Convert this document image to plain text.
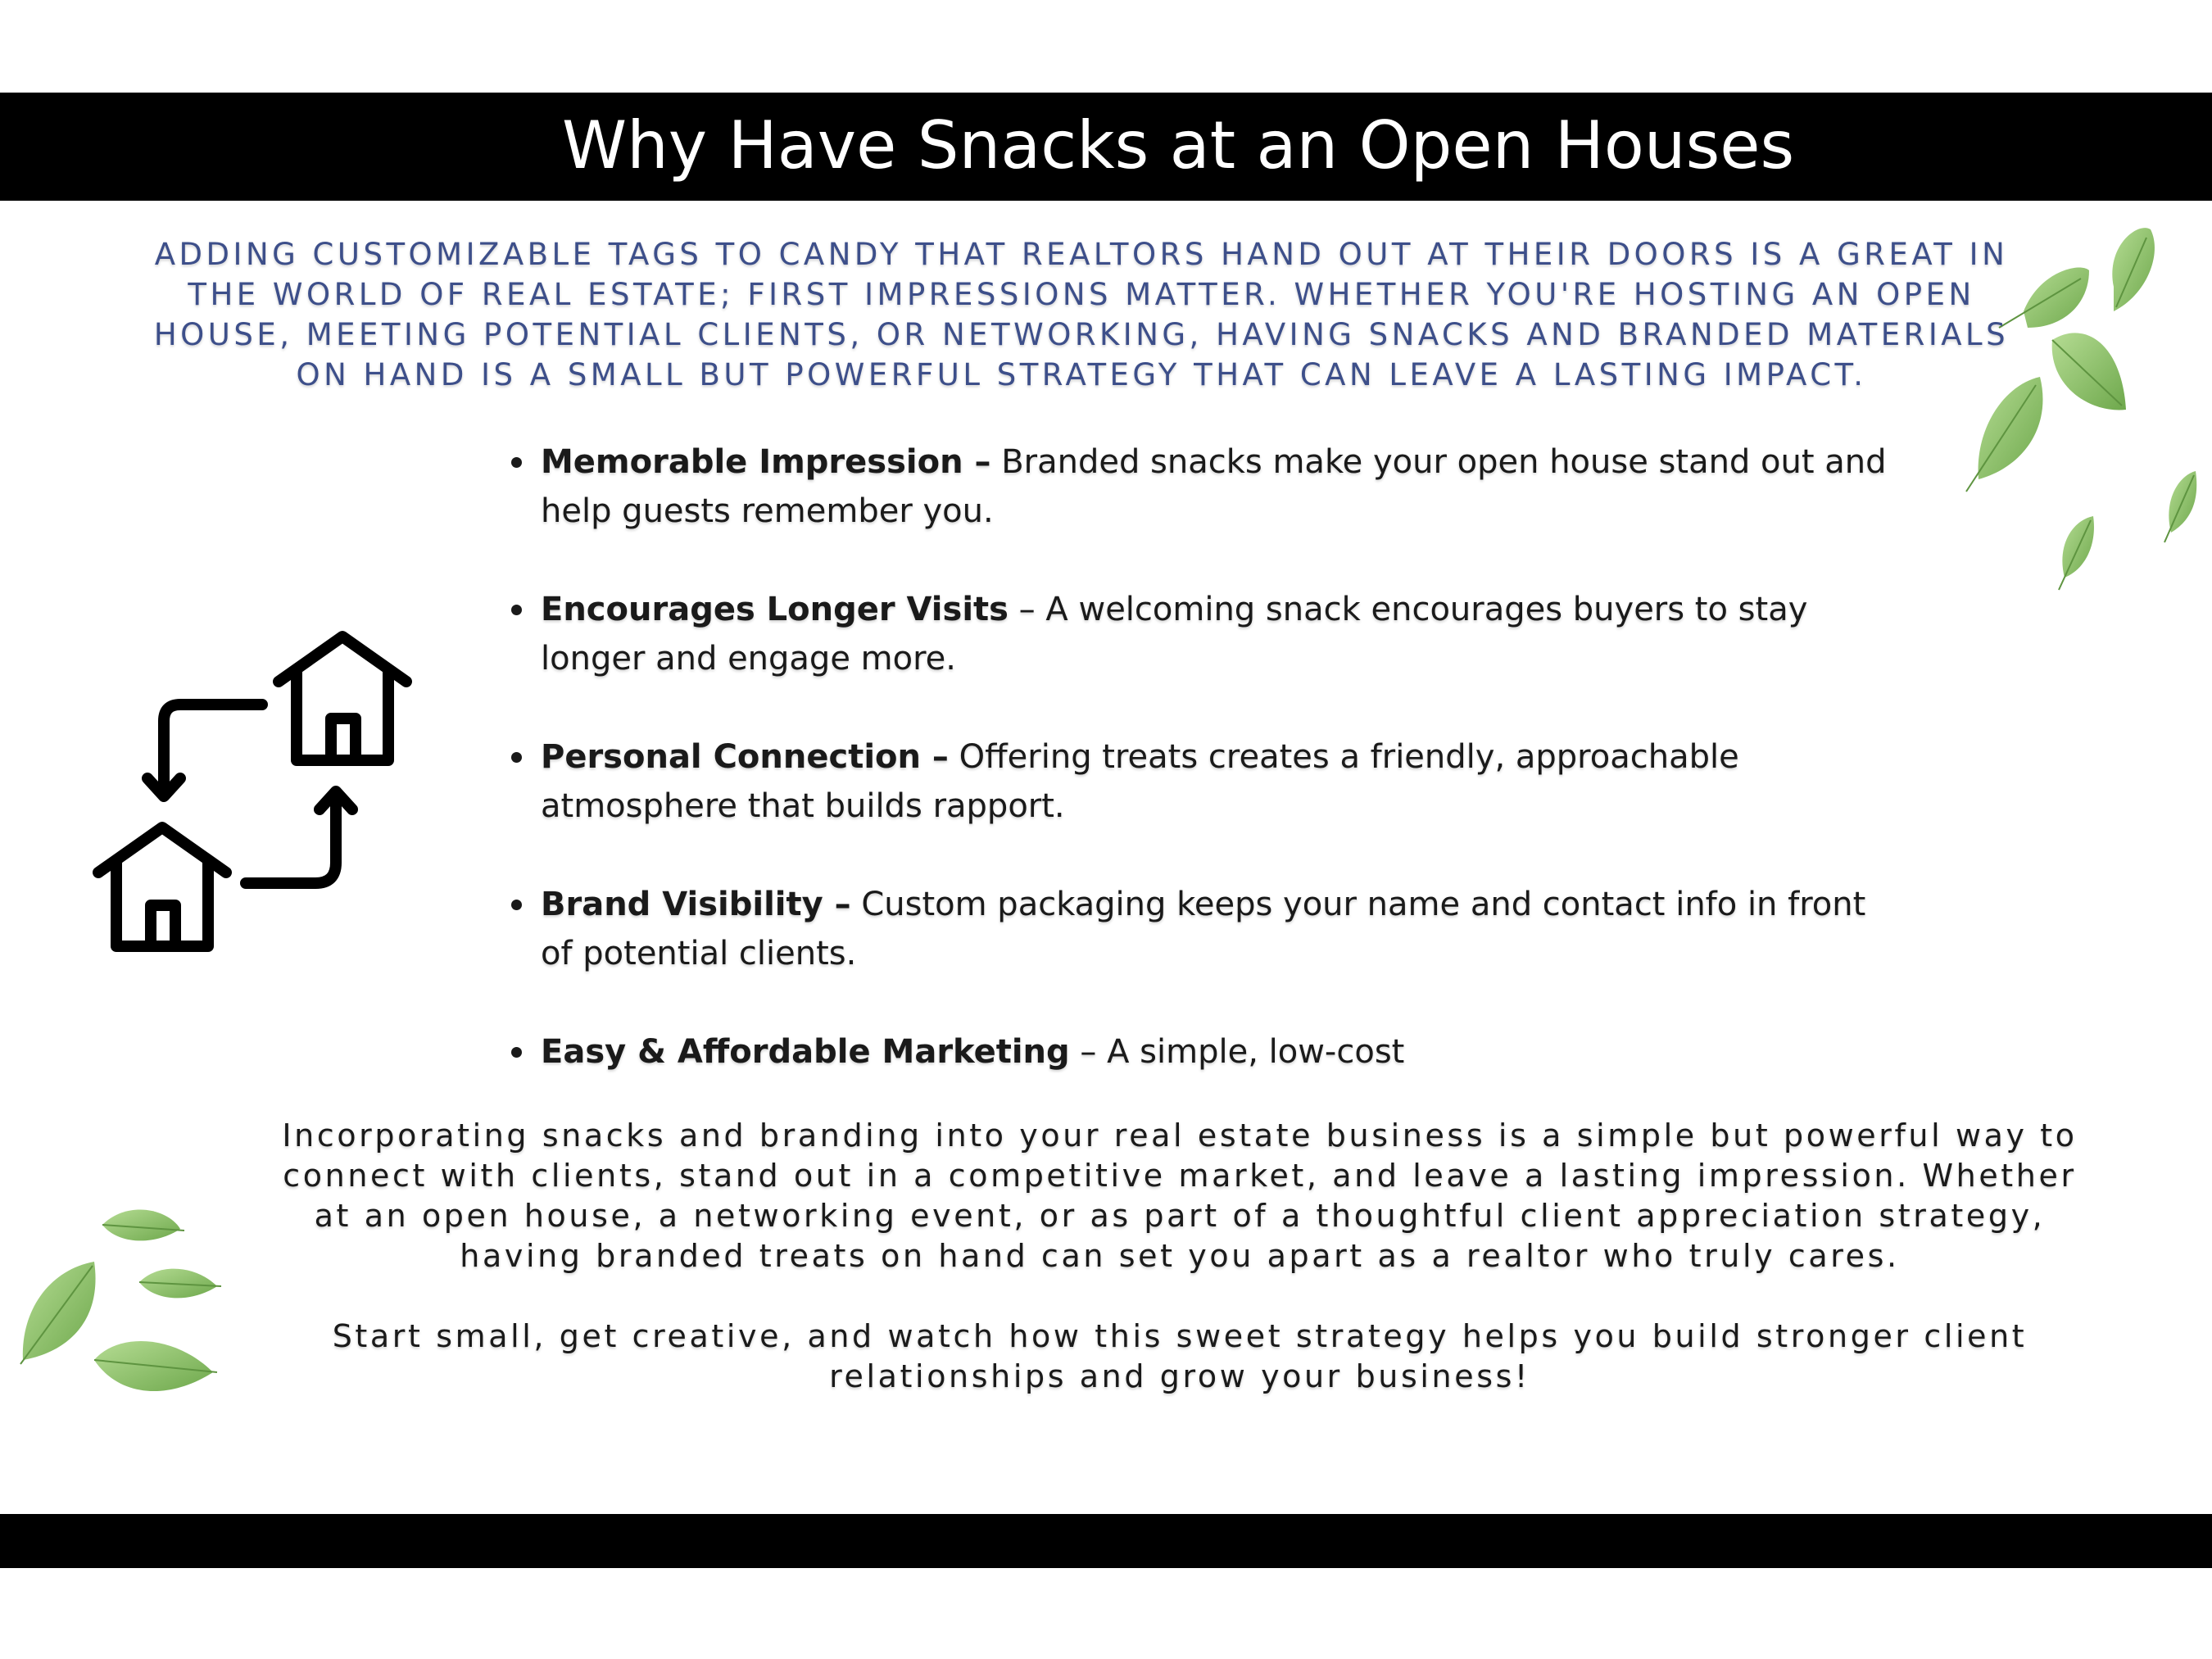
Why Have Snacks at an Open Houses
ADDING CUSTOMIZABLE TAGS TO CANDY THAT REALTORS HAND OUT AT THEIR DOORS IS A GREAT IN THE WORLD OF REAL ESTATE; FIRST IMPRESSIONS MATTER. WHETHER YOU'RE HOSTING AN OPEN HOUSE, MEETING POTENTIAL CLIENTS, OR NETWORKING, HAVING SNACKS AND BRANDED MATERIALS ON HAND IS A SMALL BUT POWERFUL STRATEGY THAT CAN LEAVE A LASTING IMPACT.
Memorable Impression – Branded snacks make your open house stand out and help guests remember you.
Encourages Longer Visits – A welcoming snack encourages buyers to stay longer and engage more.
Personal Connection – Offering treats creates a friendly, approachable atmosphere that builds rapport.
Brand Visibility – Custom packaging keeps your name and contact info in front of potential clients.
Easy & Affordable Marketing – A simple, low-cost

Incorporating snacks and branding into your real estate business is a simple but powerful way to connect with clients, stand out in a competitive market, and leave a lasting impression. Whether at an open house, a networking event, or as part of a thoughtful client appreciation strategy, having branded treats on hand can set you apart as a realtor who truly cares.

Start small, get creative, and watch how this sweet strategy helps you build stronger client relationships and grow your business!
